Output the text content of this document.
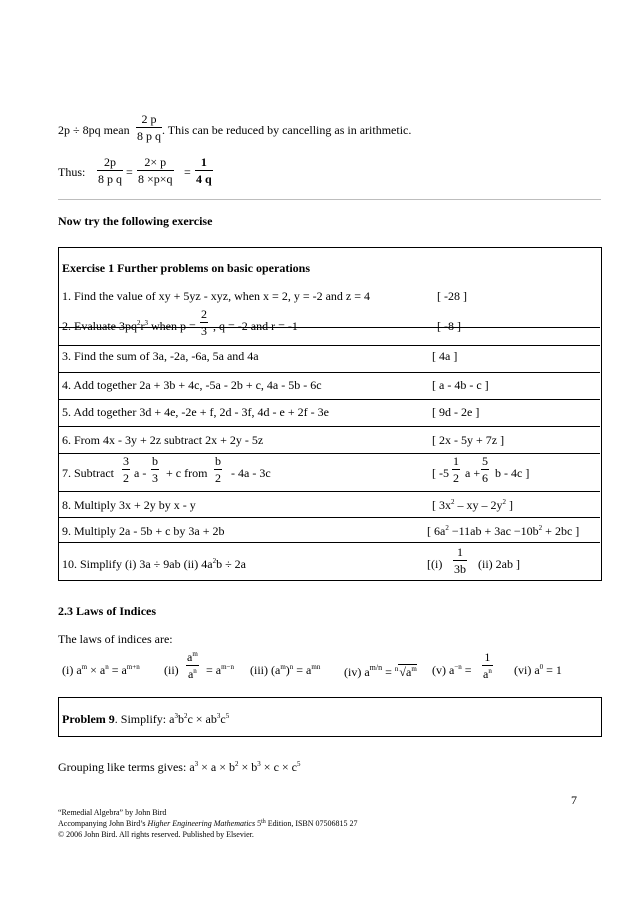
2p ÷ 8pq mean
2 p
8 p q . This can be reduced by cancelling as in arithmetic.
Thus:
2p
8 p q =
2× p
8 ×p×q =
1
4 q
Now try the following exercise
Exercise 1 Further problems on basic operations
1. Find the value of xy + 5yz - xyz, when x = 2, y = -2 and z = 4	[ -28 ]
2. Evaluate $3pq^2r^3$ when p =
2
3 , q = -2 and r = -1	[ -8 ]
3. Find the sum of 3a, -2a, -6a, 5a and 4a	[ 4a ]
4. Add together 2a + 3b + 4c, -5a - 2b + c, 4a - 5b - 6c	[ a - 4b - c ]
5. Add together 3d + 4e, -2e + f, 2d - 3f, 4d - e + 2f - 3e	[ 9d - 2e ]
6. From 4x - 3y + 2z subtract 2x + 2y - 5z	[ 2x - 5y + 7z ]
7. Subtract
3
2 a -
b
3 + c from
b
2 - 4a - 3c	[ -5
1
2 a +
5
6 b - 4c ]
8. Multiply 3x + 2y by x - y	[ $3x^2$ – xy – $2y^2$ ]
9. Multiply 2a - 5b + c by 3a + 2b	[ $6a^2 -11ab + 3ac -10b^2 + 2bc$ ]
10. Simplify (i) 3a ÷ 9ab (ii) $4a^2b \div 2a$	[(i)
1
3b (ii) 2ab ]
2.3 Laws of Indices
The laws of indices are:
(i) $a^m \times a^n = a^{m+n}$ (ii)
$a^m$
$a^n = a^{m-n}$ (iii) $(a^m)^n = a^{mn}$ (iv) $a^{m/n} = ^n√a^m$ (v) $a^{-n}$ =
1
$a^n$ (vi) $a^0 = 1$
Problem 9. Simplify: $a^3b^2c \times ab^3c^5$
Grouping like terms gives: $a^3 \times a \times b^2 \times b^3 \times c \times c^5$
7
“Remedial Algebra” by John Bird
Accompanying John Bird’s Higher Engineering Mathematics 5th Edition, ISBN 07506815 27
© 2006 John Bird. All rights reserved. Published by Elsevier.
